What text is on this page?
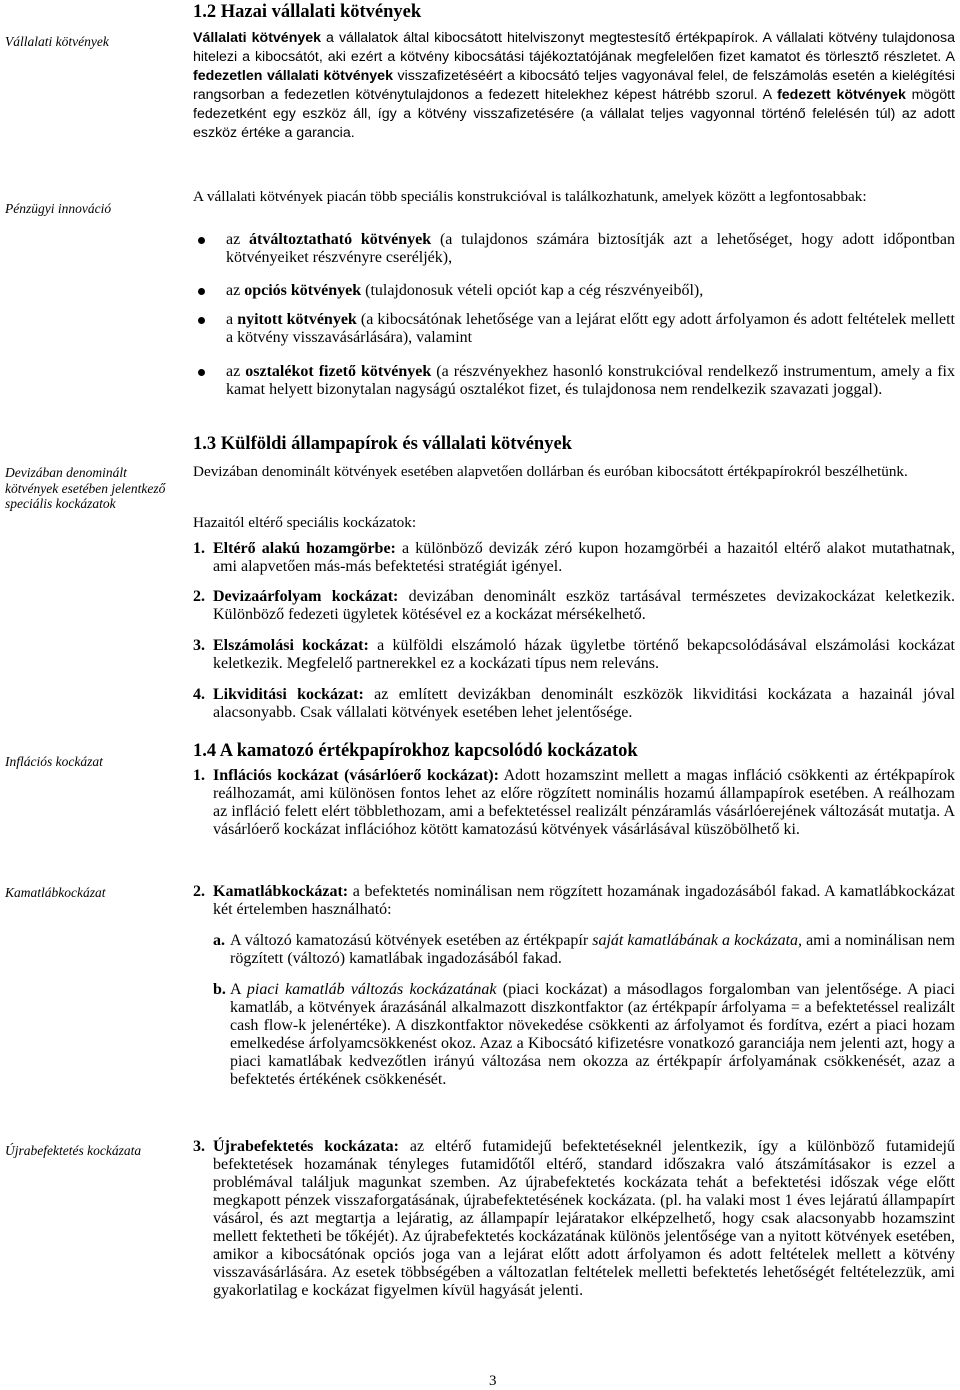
Vállalati kötvények
Pénzügyi innováció
Devizában denominált kötvények esetében jelentkező speciális kockázatok
Inflációs kockázat
Kamatlábkockázat
Újrabefektetés kockázata
1.2 Hazai vállalati kötvények
Vállalati kötvények a vállalatok által kibocsátott hitelviszonyt megtestesítő értékpapírok. A vállalati kötvény tulajdonosa hitelezi a kibocsátót, aki ezért a kötvény kibocsátási tájékoztatójának megfelelően fizet kamatot és törlesztő részletet. A fedezetlen vállalati kötvények visszafizetéséért a kibocsátó teljes vagyonával felel, de felszámolás esetén a kielégítési rangsorban a fedezetlen kötvénytulajdonos a fedezett hitelekhez képest hátrébb szorul. A fedezett kötvények mögött fedezetként egy eszköz áll, így a kötvény visszafizetésére (a vállalat teljes vagyonnal történő felelésén túl) az adott eszköz értéke a garancia.
A vállalati kötvények piacán több speciális konstrukcióval is találkozhatunk, amelyek között a legfontosabbak:
az átváltoztatható kötvények (a tulajdonos számára biztosítják azt a lehetőséget, hogy adott időpontban kötvényeiket részvényre cseréljék),
az opciós kötvények (tulajdonosuk vételi opciót kap a cég részvényeiből),
a nyitott kötvények (a kibocsátónak lehetősége van a lejárat előtt egy adott árfolyamon és adott feltételek mellett a kötvény visszavásárlására), valamint
az osztalékot fizető kötvények (a részvényekhez hasonló konstrukcióval rendelkező instrumentum, amely a fix kamat helyett bizonytalan nagyságú osztalékot fizet, és tulajdonosa nem rendelkezik szavazati joggal).
1.3 Külföldi állampapírok és vállalati kötvények
Devizában denominált kötvények esetében alapvetően dollárban és euróban kibocsátott értékpapírokról beszélhetünk.
Hazaitól eltérő speciális kockázatok:
1. Eltérő alakú hozamgörbe: a különböző devizák zéró kupon hozamgörbéi a hazaitól eltérő alakot mutathatnak, ami alapvetően más-más befektetési stratégiát igényel.
2. Devizaárfolyam kockázat: devizában denominált eszköz tartásával természetes devizakockázat keletkezik. Különböző fedezeti ügyletek kötésével ez a kockázat mérsékelhető.
3. Elszámolási kockázat: a külföldi elszámoló házak ügyletbe történő bekapcsolódásával elszámolási kockázat keletkezik. Megfelelő partnerekkel ez a kockázati típus nem releváns.
4. Likviditási kockázat: az említett devizákban denominált eszközök likviditási kockázata a hazainál jóval alacsonyabb. Csak vállalati kötvények esetében lehet jelentősége.
1.4 A kamatozó értékpapírokhoz kapcsolódó kockázatok
1. Inflációs kockázat (vásárlóerő kockázat): Adott hozamszint mellett a magas infláció csökkenti az értékpapírok reálhozamát, ami különösen fontos lehet az előre rögzített nominális hozamú állampapírok esetében. A reálhozam az infláció felett elért többlethozam, ami a befektetéssel realizált pénzáramlás vásárlóerejének változását mutatja. A vásárlóerő kockázat inflációhoz kötött kamatozású kötvények vásárlásával küszöbölhető ki.
2. Kamatlábkockázat: a befektetés nominálisan nem rögzített hozamának ingadozásából fakad. A kamatlábkockázat két értelemben használható:
a. A változó kamatozású kötvények esetében az értékpapír saját kamatlábának a kockázata, ami a nominálisan nem rögzített (változó) kamatlábak ingadozásából fakad.
b. A piaci kamatláb változás kockázatának (piaci kockázat) a másodlagos forgalomban van jelentősége. A piaci kamatláb, a kötvények árazásánál alkalmazott diszkontfaktor (az értékpapír árfolyama = a befektetéssel realizált cash flow-k jelenértéke). A diszkontfaktor növekedése csökkenti az árfolyamot és fordítva, ezért a piaci hozam emelkedése árfolyamcsökkenést okoz. Azaz a Kibocsátó kifizetésre vonatkozó garanciája nem jelenti azt, hogy a piaci kamatlábak kedvezőtlen irányú változása nem okozza az értékpapír árfolyamának csökkenését, azaz a befektetés értékének csökkenését.
3. Újrabefektetés kockázata: az eltérő futamidejű befektetéseknél jelentkezik, így a különböző futamidejű befektetések hozamának tényleges futamidőtől eltérő, standard időszakra való átszámításakor is ezzel a problémával találjuk magunkat szemben. Az újrabefektetés kockázata tehát a befektetési időszak vége előtt megkapott pénzek visszaforgatásának, újrabefektetésének kockázata. (pl. ha valaki most 1 éves lejáratú állampapírt vásárol, és azt megtartja a lejáratig, az állampapír lejáratakor elképzelhető, hogy csak alacsonyabb hozamszint mellett fektetheti be tőkéjét). Az újrabefektetés kockázatának különös jelentősége van a nyitott kötvények esetében, amikor a kibocsátónak opciós joga van a lejárat előtt adott árfolyamon és adott feltételek mellett a kötvény visszavásárlására. Az esetek többségében a változatlan feltételek melletti befektetés lehetőségét feltételezzük, ami gyakorlatilag e kockázat figyelmen kívül hagyását jelenti.
3
